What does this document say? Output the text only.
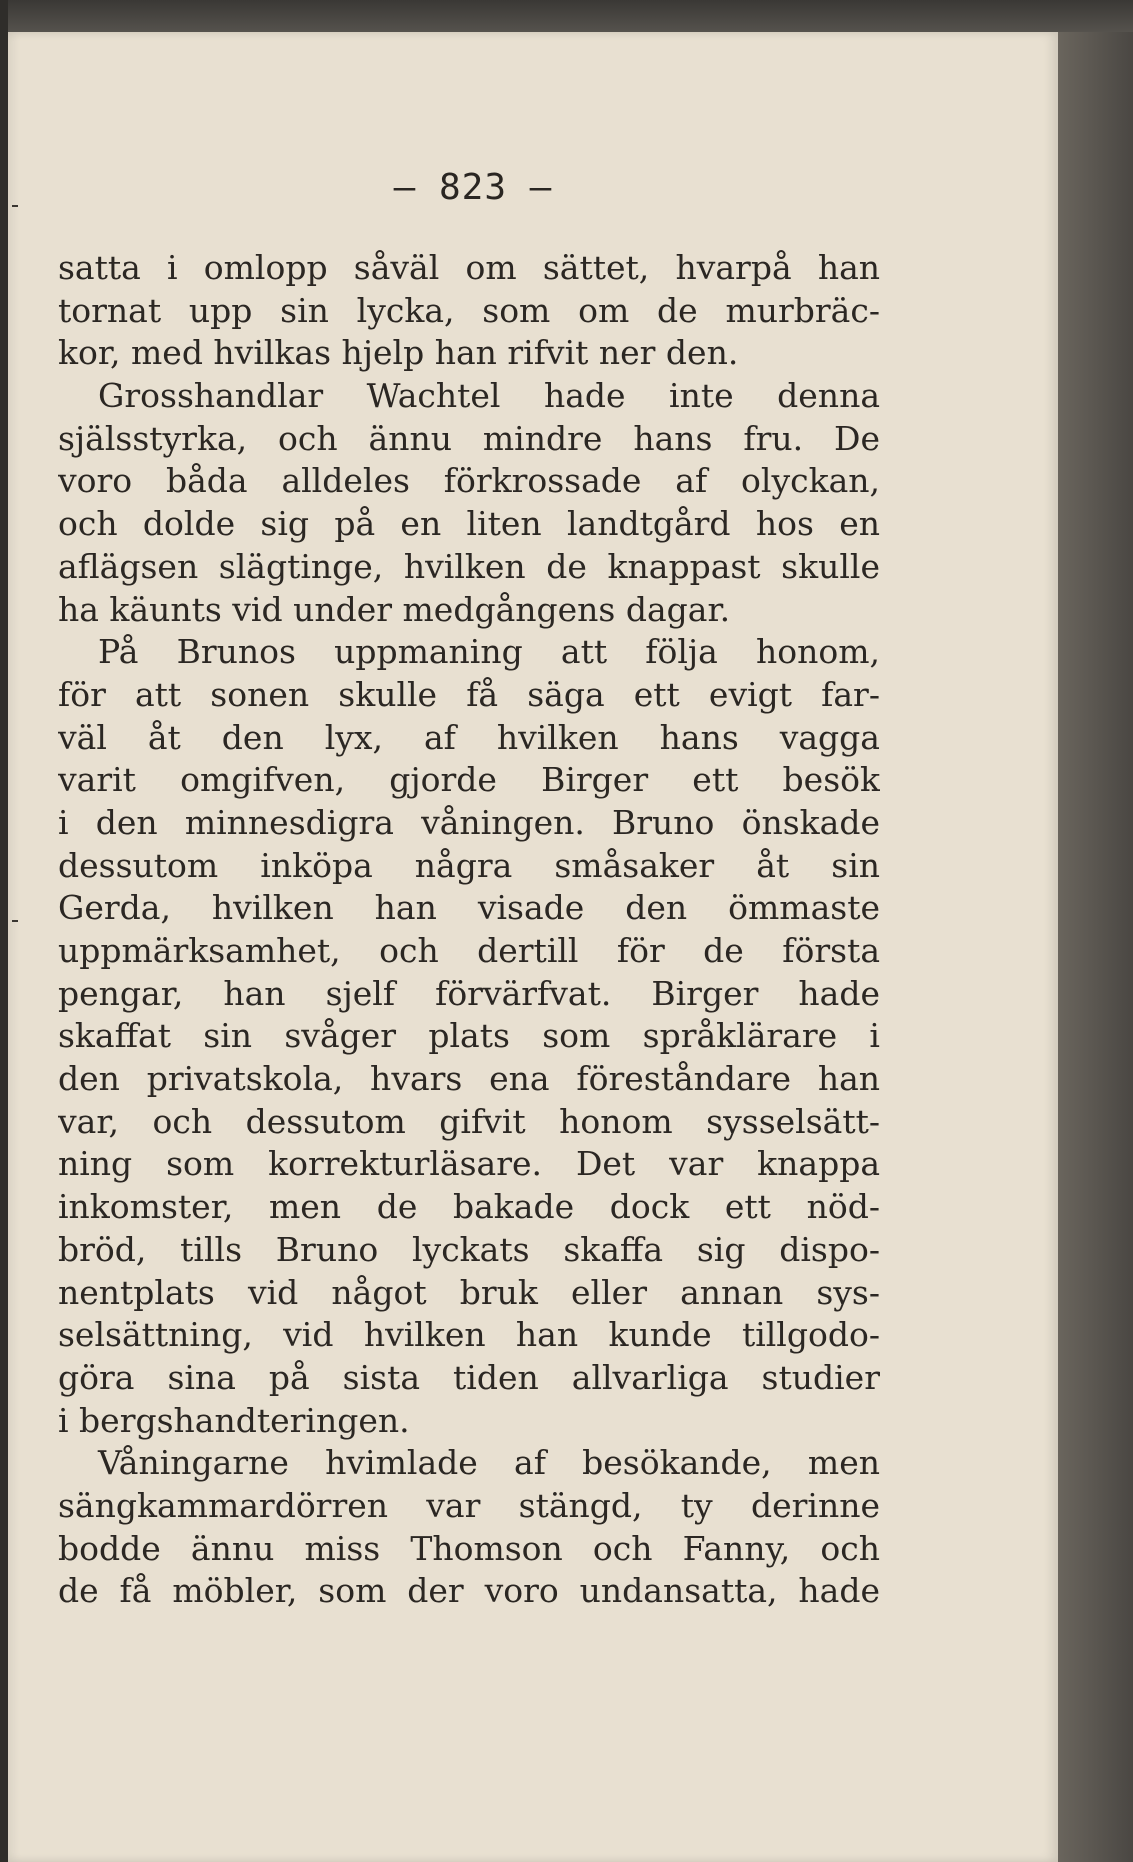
— 823 —

satta i omlopp såväl om sättet, hvarpå han
tornat upp sin lycka, som om de murbräc-
kor, med hvilkas hjelp han rifvit ner den.
Grosshandlar Wachtel hade inte denna
själsstyrka, och ännu mindre hans fru. De
voro båda alldeles förkrossade af olyckan,
och dolde sig på en liten landtgård hos en
aflägsen slägtinge, hvilken de knappast skulle
ha käunts vid under medgångens dagar.
På Brunos uppmaning att följa honom,
för att sonen skulle få säga ett evigt far-
väl åt den lyx, af hvilken hans vagga
varit omgifven, gjorde Birger ett besök
i den minnesdigra våningen. Bruno önskade
dessutom inköpa några småsaker åt sin
Gerda, hvilken han visade den ömmaste
uppmärksamhet, och dertill för de första
pengar, han sjelf förvärfvat. Birger hade
skaffat sin svåger plats som språklärare i
den privatskola, hvars ena föreståndare han
var, och dessutom gifvit honom sysselsätt-
ning som korrekturläsare. Det var knappa
inkomster, men de bakade dock ett nöd-
bröd, tills Bruno lyckats skaffa sig dispo-
nentplats vid något bruk eller annan sys-
selsättning, vid hvilken han kunde tillgodo-
göra sina på sista tiden allvarliga studier
i bergshandteringen.
Våningarne hvimlade af besökande, men
sängkammardörren var stängd, ty derinne
bodde ännu miss Thomson och Fanny, och
de få möbler, som der voro undansatta, hade
